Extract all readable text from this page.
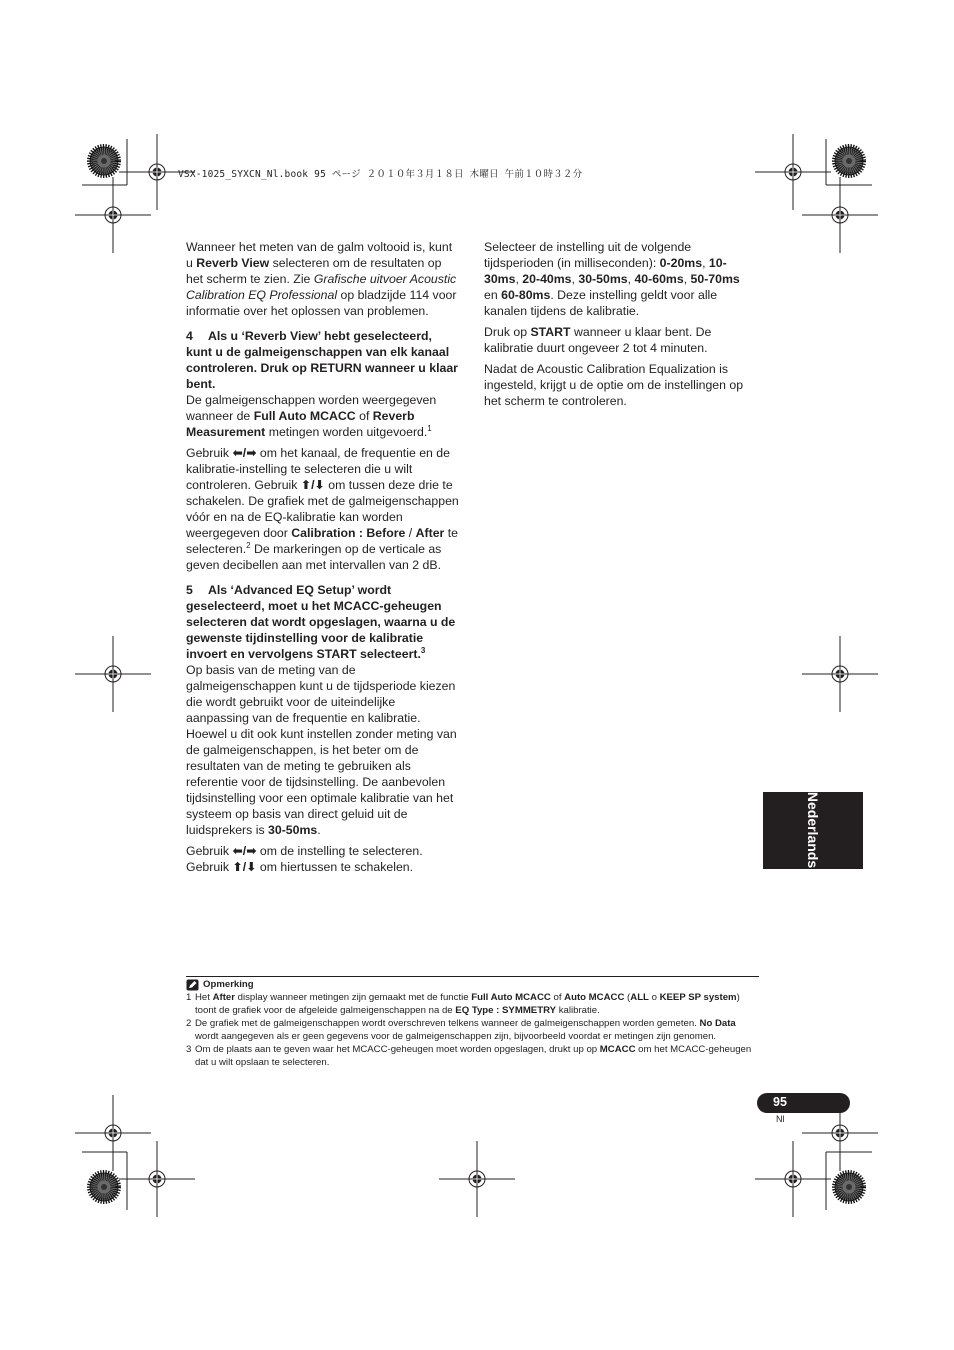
VSX-1025_SYXCN_Nl.book 95 ページ ２０１０年３月１８日 木曜日 午前１０時３２分

Wanneer het meten van de galm voltooid is, kunt u Reverb View selecteren om de resultaten op het scherm te zien. Zie Grafische uitvoer Acoustic Calibration EQ Professional op bladzijde 114 voor informatie over het oplossen van problemen.

4 Als u ‘Reverb View’ hebt geselecteerd, kunt u de galmeigenschappen van elk kanaal controleren. Druk op RETURN wanneer u klaar bent.

De galmeigenschappen worden weergegeven wanneer de Full Auto MCACC of Reverb Measurement metingen worden uitgevoerd.$^1$

Gebruik ⬅/➡ om het kanaal, de frequentie en de kalibratie-instelling te selecteren die u wilt controleren. Gebruik ⬆/⬇ om tussen deze drie te schakelen. De grafiek met de galmeigenschappen vóór en na de EQ-kalibratie kan worden weergegeven door Calibration : Before / After te selecteren.$^2$ De markeringen op de verticale as geven decibellen aan met intervallen van 2 dB.

5 Als ‘Advanced EQ Setup’ wordt geselecteerd, moet u het MCACC-geheugen selecteren dat wordt opgeslagen, waarna u de gewenste tijdinstelling voor de kalibratie invoert en vervolgens START selecteert.$^3$

Op basis van de meting van de galmeigenschappen kunt u de tijdsperiode kiezen die wordt gebruikt voor de uiteindelijke aanpassing van de frequentie en kalibratie. Hoewel u dit ook kunt instellen zonder meting van de galmeigenschappen, is het beter om de resultaten van de meting te gebruiken als referentie voor de tijdsinstelling. De aanbevolen tijdsinstelling voor een optimale kalibratie van het systeem op basis van direct geluid uit de luidsprekers is 30-50ms.

Gebruik ⬅/➡ om de instelling te selecteren.
Gebruik ⬆/⬇ om hiertussen te schakelen.

Selecteer de instelling uit de volgende tijdsperioden (in milliseconden): 0-20ms, 10-30ms, 20-40ms, 30-50ms, 40-60ms, 50-70ms en 60-80ms. Deze instelling geldt voor alle kanalen tijdens de kalibratie.

Druk op START wanneer u klaar bent. De kalibratie duurt ongeveer 2 tot 4 minuten.

Nadat de Acoustic Calibration Equalization is ingesteld, krijgt u de optie om de instellingen op het scherm te controleren.

Nederlands
Opmerking
1 Het After display wanneer metingen zijn gemaakt met de functie Full Auto MCACC of Auto MCACC (ALL o KEEP SP system) toont de grafiek voor de afgeleide galmeigenschappen na de EQ Type : SYMMETRY kalibratie.
2 De grafiek met de galmeigenschappen wordt overschreven telkens wanneer de galmeigenschappen worden gemeten. No Data wordt aangegeven als er geen gegevens voor de galmeigenschappen zijn, bijvoorbeeld voordat er metingen zijn genomen.
3 Om de plaats aan te geven waar het MCACC-geheugen moet worden opgeslagen, drukt up op MCACC om het MCACC-geheugen dat u wilt opslaan te selecteren.
95
Nl
